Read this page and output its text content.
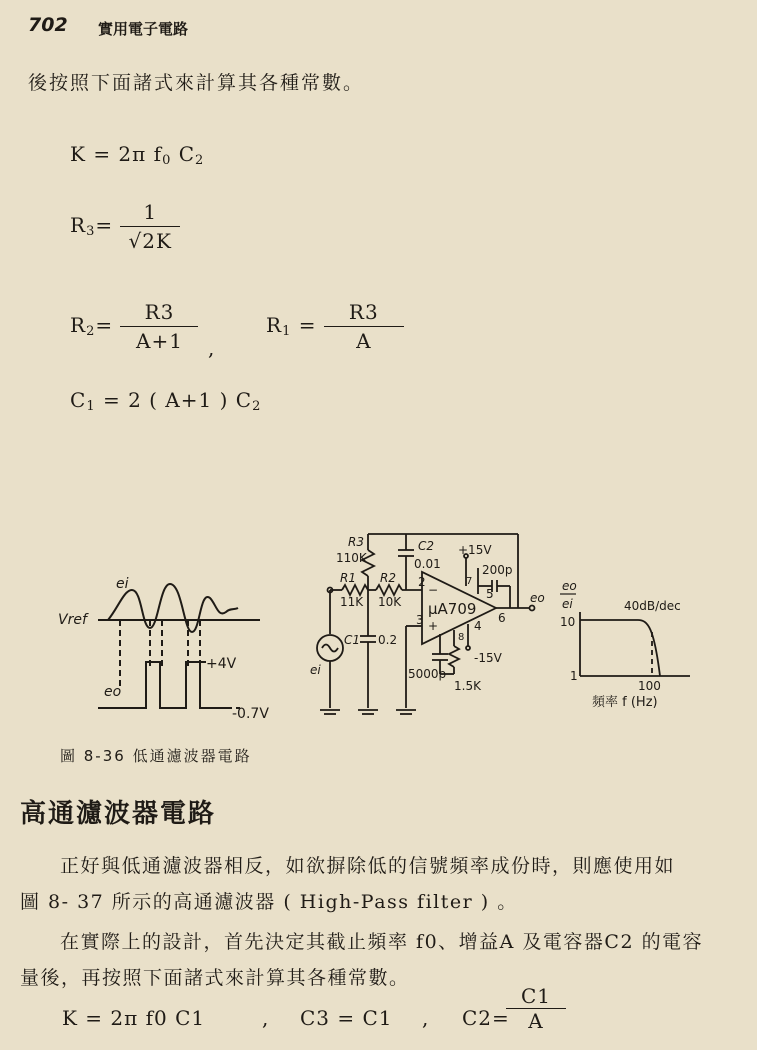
702 實用電子電路
後按照下面諸式來計算其各種常數。
K = 2π $f_0$ $C_2$
$R_3= \frac{1}{√2K}$
$R_2= \frac{R3}{A+1}$ ,
$R_1 = \frac{R3}{A}$
$C_1 = 2$ ( A+1 ) $C_2$
ei
Vref
eo
+4V
-0.7V
R3
110K
C2
0.01
R1
11K
R2
10K
C1 0.2
μA709
+15V
-15V
200p
5000p
1.5K
ei
eo
2
3	4
5
6
7
8
−
+
eo
ei	40dB/dec
10
1
100
頻率 f (Hz)
圖 8-36 低通濾波器電路
高通濾波器電路
正好與低通濾波器相反，如欲摒除低的信號頻率成份時，則應使用如
圖 8- 37 所示的高通濾波器 ( High-Pass filter ) 。
在實際上的設計，首先決定其截止頻率 f0、增益A 及電容器C2 的電容
量後，再按照下面諸式來計算其各種常數。
K = 2π f0 C1	, C3 = C1 , C2=
C1
A
